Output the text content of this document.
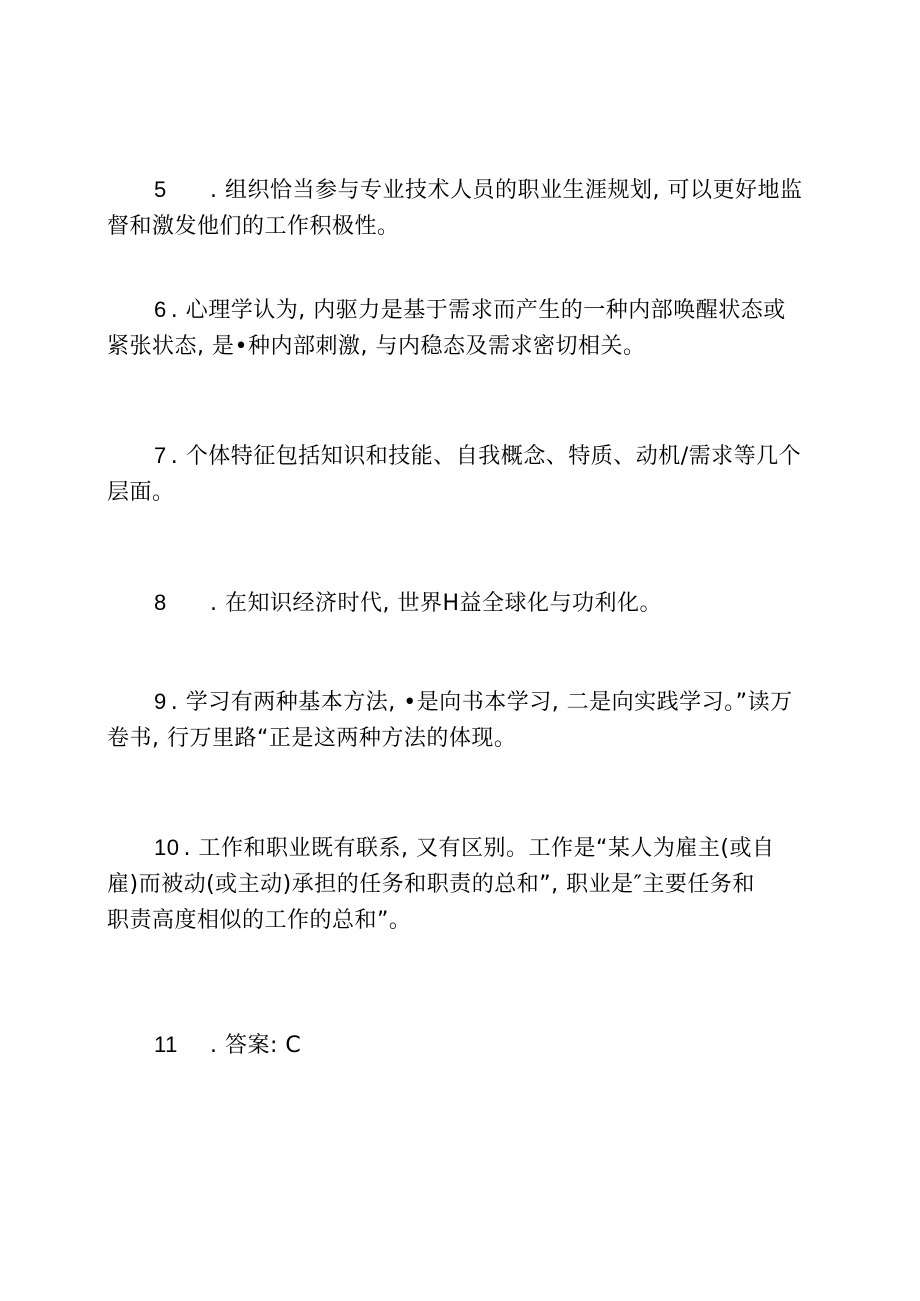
5 . 组织恰当参与专业技术人员的职业生涯规划, 可以更好地监
督和激发他们的工作积极性。
6 . 心理学认为, 内驱力是基于需求而产生的一种内部唤醒状态或
紧张状态, 是•种内部刺激, 与内稳态及需求密切相关。
7 . 个体特征包括知识和技能、自我概念、特质、动机/需求等几个
层面。
8 . 在知识经济时代, 世界H益全球化与功利化。
9 . 学习有两种基本方法, •是向书本学习, 二是向实践学习。”读万
卷书, 行万里路“正是这两种方法的体现。
10 . 工作和职业既有联系, 又有区别。工作是“某人为雇主(或自
雇)而被动(或主动)承担的任务和职责的总和”, 职业是″主要任务和
职责高度相似的工作的总和”。
11 . 答案: C
